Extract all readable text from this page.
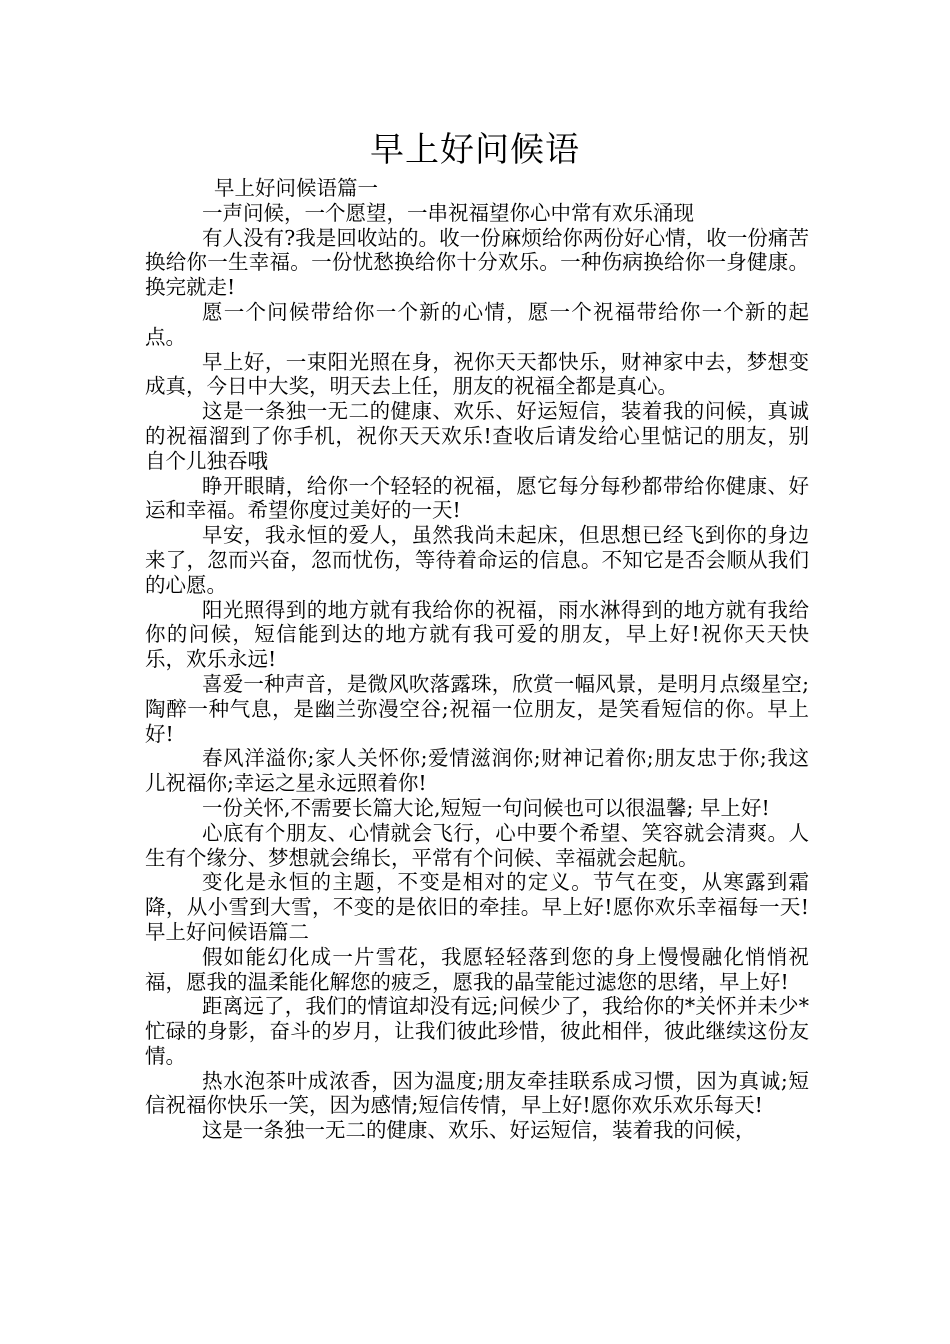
早上好问候语

早上好问候语篇一

一声问候，一个愿望，一串祝福望你心中常有欢乐涌现

有人没有?我是回收站的。收一份麻烦给你两份好心情，收一份痛苦换给你一生幸福。一份忧愁换给你十分欢乐。一种伤病换给你一身健康。换完就走!

愿一个问候带给你一个新的心情，愿一个祝福带给你一个新的起点。

早上好，一束阳光照在身，祝你天天都快乐，财神家中去，梦想变成真，今日中大奖，明天去上任，朋友的祝福全都是真心。

这是一条独一无二的健康、欢乐、好运短信，装着我的问候，真诚的祝福溜到了你手机，祝你天天欢乐!查收后请发给心里惦记的朋友，别自个儿独吞哦

睁开眼睛，给你一个轻轻的祝福，愿它每分每秒都带给你健康、好运和幸福。希望你度过美好的一天!

早安，我永恒的爱人，虽然我尚未起床，但思想已经飞到你的身边来了，忽而兴奋，忽而忧伤，等待着命运的信息。不知它是否会顺从我们的心愿。

阳光照得到的地方就有我给你的祝福，雨水淋得到的地方就有我给你的问候，短信能到达的地方就有我可爱的朋友，早上好!祝你天天快乐，欢乐永远!

喜爱一种声音，是微风吹落露珠，欣赏一幅风景，是明月点缀星空;陶醉一种气息，是幽兰弥漫空谷;祝福一位朋友，是笑看短信的你。早上好!

春风洋溢你;家人关怀你;爱情滋润你;财神记着你;朋友忠于你;我这儿祝福你;幸运之星永远照着你!

一份关怀,不需要长篇大论,短短一句问候也可以很温馨; 早上好!

心底有个朋友、心情就会飞行，心中要个希望、笑容就会清爽。人生有个缘分、梦想就会绵长，平常有个问候、幸福就会起航。

变化是永恒的主题，不变是相对的定义。节气在变，从寒露到霜降，从小雪到大雪，不变的是依旧的牵挂。早上好!愿你欢乐幸福每一天!　　早上好问候语篇二

假如能幻化成一片雪花，我愿轻轻落到您的身上慢慢融化悄悄祝福，愿我的温柔能化解您的疲乏，愿我的晶莹能过滤您的思绪，早上好!

距离远了，我们的情谊却没有远;问候少了，我给你的*关怀并未少*忙碌的身影，奋斗的岁月，让我们彼此珍惜，彼此相伴，彼此继续这份友情。

热水泡茶叶成浓香，因为温度;朋友牵挂联系成习惯，因为真诚;短信祝福你快乐一笑，因为感情;短信传情，早上好!愿你欢乐欢乐每天!

这是一条独一无二的健康、欢乐、好运短信，装着我的问候，
